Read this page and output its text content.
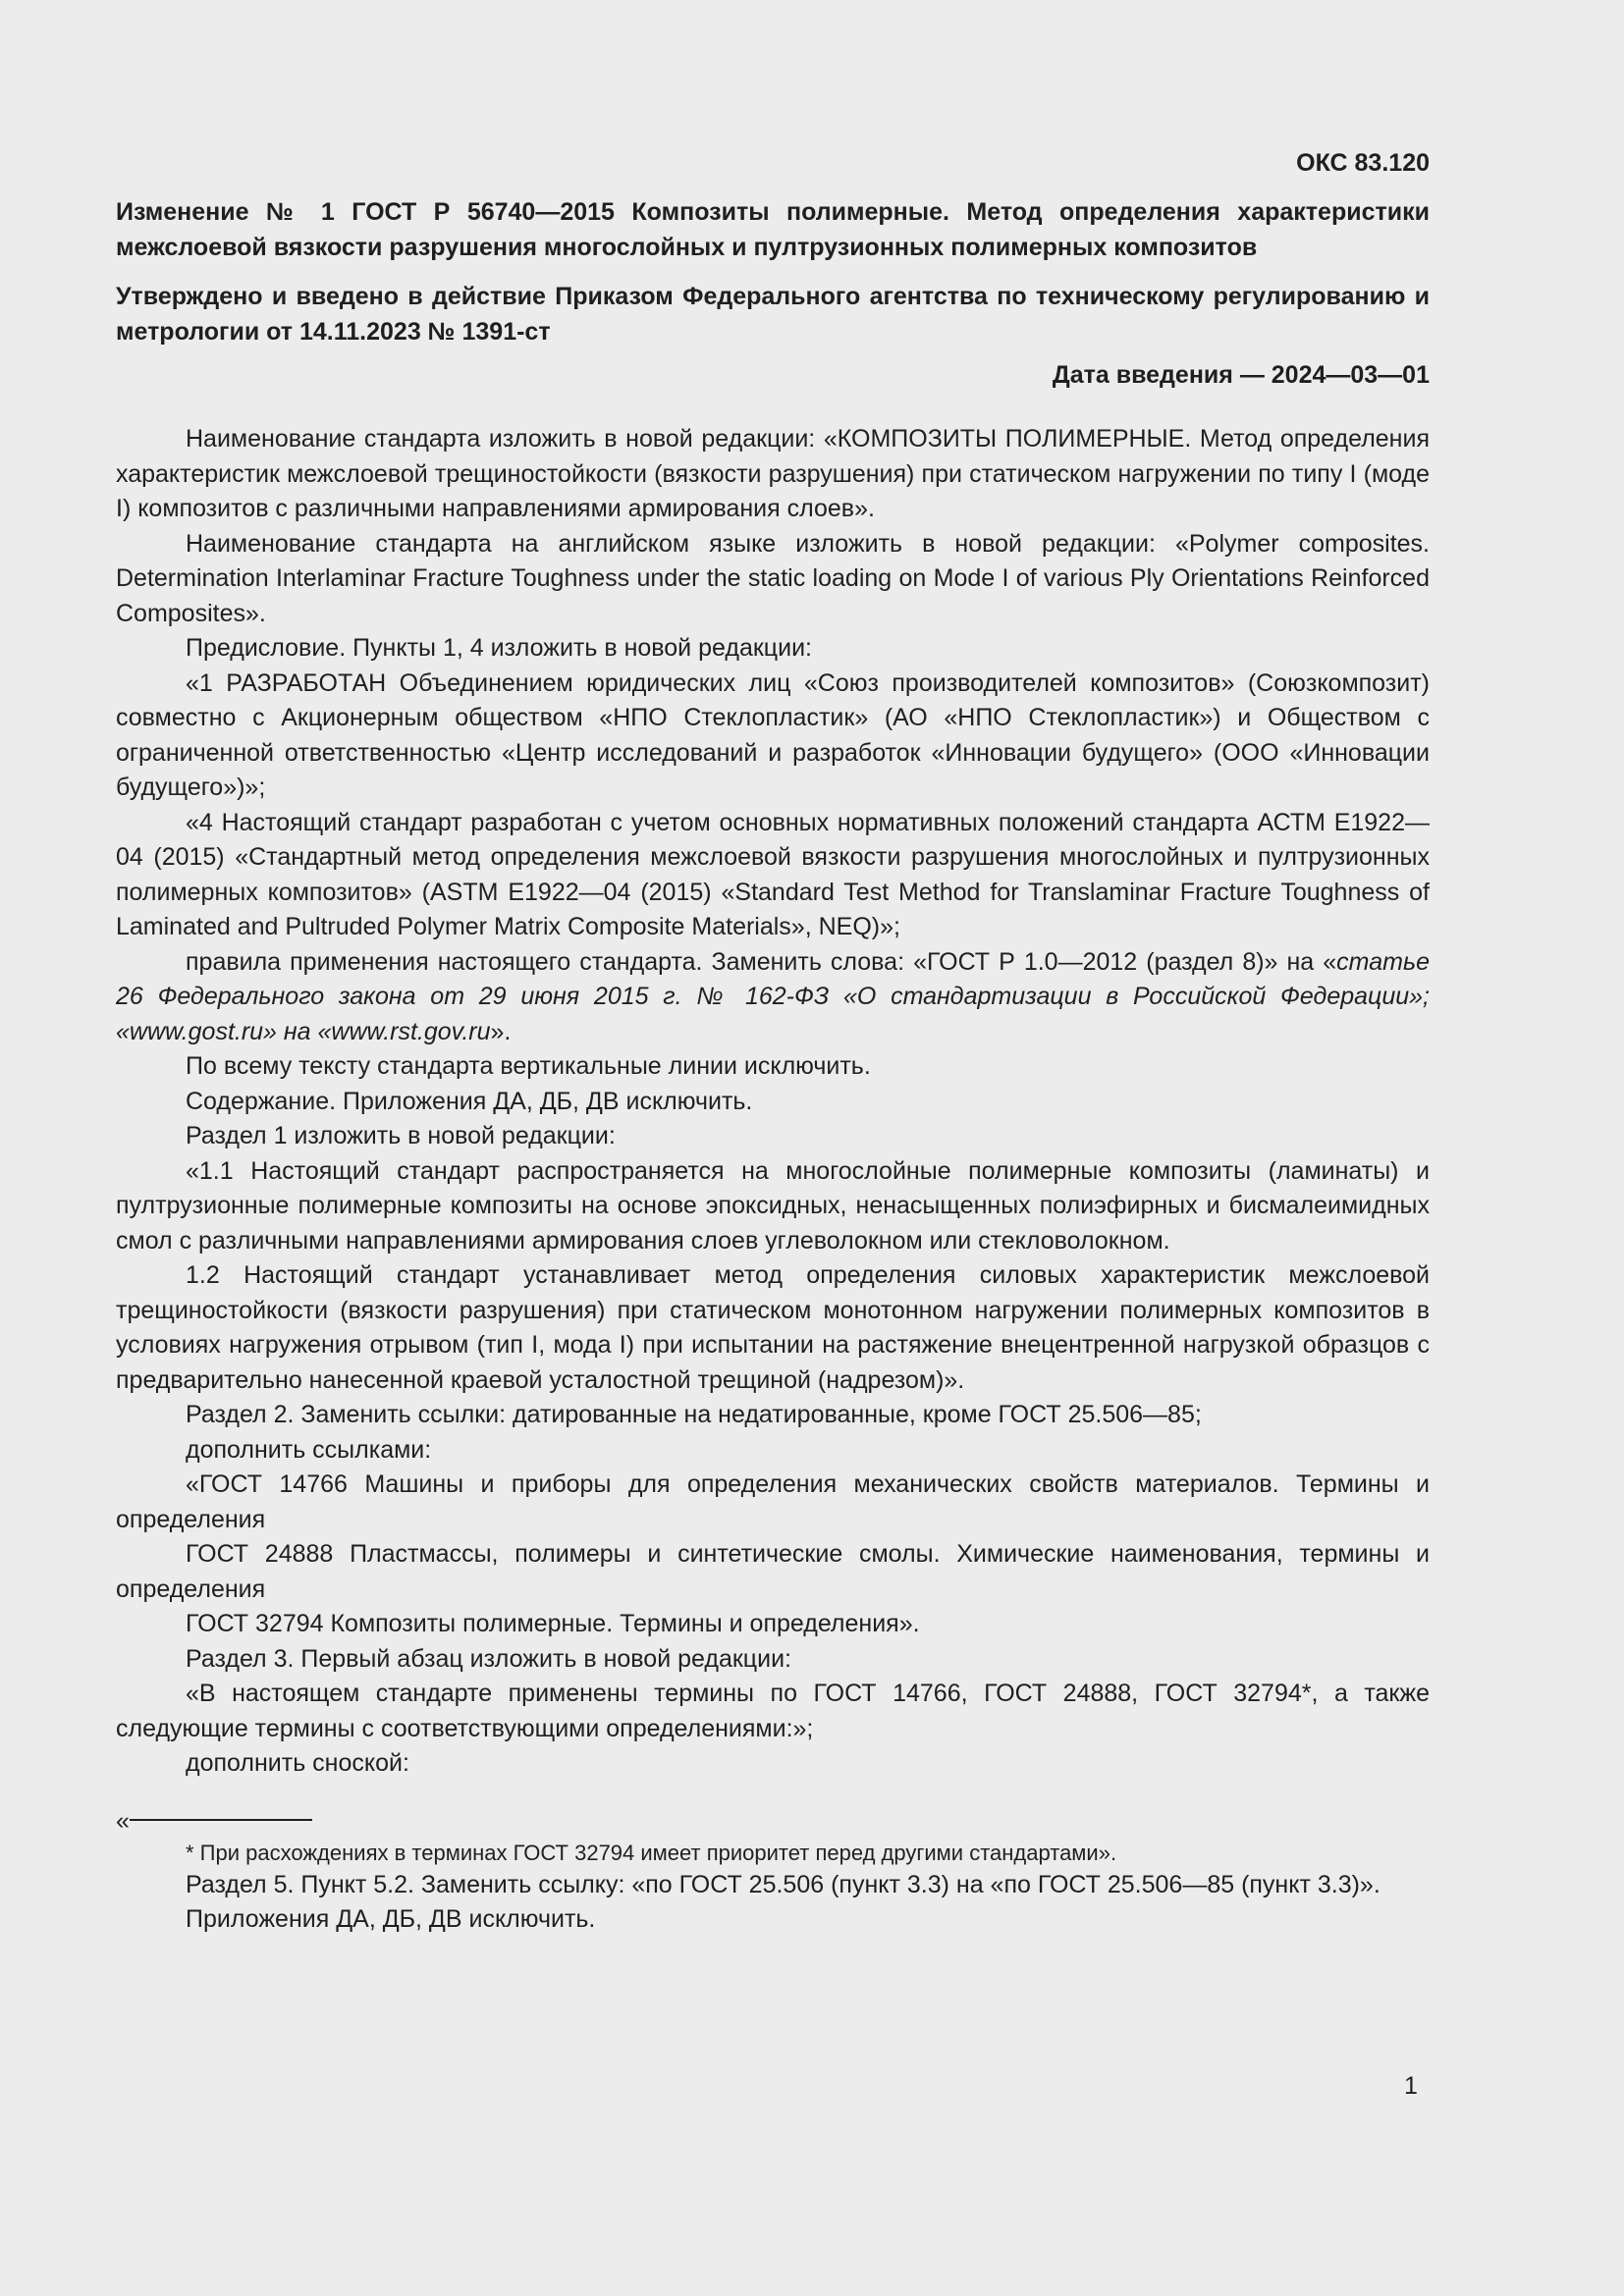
ОКС 83.120
Изменение № 1 ГОСТ Р 56740—2015 Композиты полимерные. Метод определения характеристики межслоевой вязкости разрушения многослойных и пултрузионных полимерных композитов
Утверждено и введено в действие Приказом Федерального агентства по техническому регулированию и метрологии от 14.11.2023 № 1391-ст
Дата введения — 2024—03—01

Наименование стандарта изложить в новой редакции: «КОМПОЗИТЫ ПОЛИМЕРНЫЕ. Метод определения характеристик межслоевой трещиностойкости (вязкости разрушения) при статическом нагружении по типу I (моде I) композитов с различными направлениями армирования слоев».

Наименование стандарта на английском языке изложить в новой редакции: «Polymer composites. Determination Interlaminar Fracture Toughness under the static loading on Mode I of various Ply Orientations Reinforced Composites».

Предисловие. Пункты 1, 4 изложить в новой редакции:

«1 РАЗРАБОТАН Объединением юридических лиц «Союз производителей композитов» (Союзкомпозит) совместно с Акционерным обществом «НПО Стеклопластик» (АО «НПО Стеклопластик») и Обществом с ограниченной ответственностью «Центр исследований и разработок «Инновации будущего» (ООО «Инновации будущего»)»;

«4 Настоящий стандарт разработан с учетом основных нормативных положений стандарта АСТМ Е1922—04 (2015) «Стандартный метод определения межслоевой вязкости разрушения многослойных и пултрузионных полимерных композитов» (ASTM E1922—04 (2015) «Standard Test Method for Translaminar Fracture Toughness of Laminated and Pultruded Polymer Matrix Composite Materials», NEQ)»;

правила применения настоящего стандарта. Заменить слова: «ГОСТ Р 1.0—2012 (раздел 8)» на «статье 26 Федерального закона от 29 июня 2015 г. № 162-ФЗ «О стандартизации в Российской Федерации»; «www.gost.ru» на «www.rst.gov.ru».

По всему тексту стандарта вертикальные линии исключить.

Содержание. Приложения ДА, ДБ, ДВ исключить.

Раздел 1 изложить в новой редакции:

«1.1 Настоящий стандарт распространяется на многослойные полимерные композиты (ламинаты) и пултрузионные полимерные композиты на основе эпоксидных, ненасыщенных полиэфирных и бисмалеимидных смол с различными направлениями армирования слоев углеволокном или стекловолокном.

1.2 Настоящий стандарт устанавливает метод определения силовых характеристик межслоевой трещиностойкости (вязкости разрушения) при статическом монотонном нагружении полимерных композитов в условиях нагружения отрывом (тип I, мода I) при испытании на растяжение внецентренной нагрузкой образцов с предварительно нанесенной краевой усталостной трещиной (надрезом)».

Раздел 2. Заменить ссылки: датированные на недатированные, кроме ГОСТ 25.506—85;

дополнить ссылками:

«ГОСТ 14766 Машины и приборы для определения механических свойств материалов. Термины и определения

ГОСТ 24888 Пластмассы, полимеры и синтетические смолы. Химические наименования, термины и определения

ГОСТ 32794 Композиты полимерные. Термины и определения».

Раздел 3. Первый абзац изложить в новой редакции:

«В настоящем стандарте применены термины по ГОСТ 14766, ГОСТ 24888, ГОСТ 32794*, а также следующие термины с соответствующими определениями:»;

дополнить сноской:

«
* При расхождениях в терминах ГОСТ 32794 имеет приоритет перед другими стандартами».

Раздел 5. Пункт 5.2. Заменить ссылку: «по ГОСТ 25.506 (пункт 3.3) на «по ГОСТ 25.506—85 (пункт 3.3)».

Приложения ДА, ДБ, ДВ исключить.

1
